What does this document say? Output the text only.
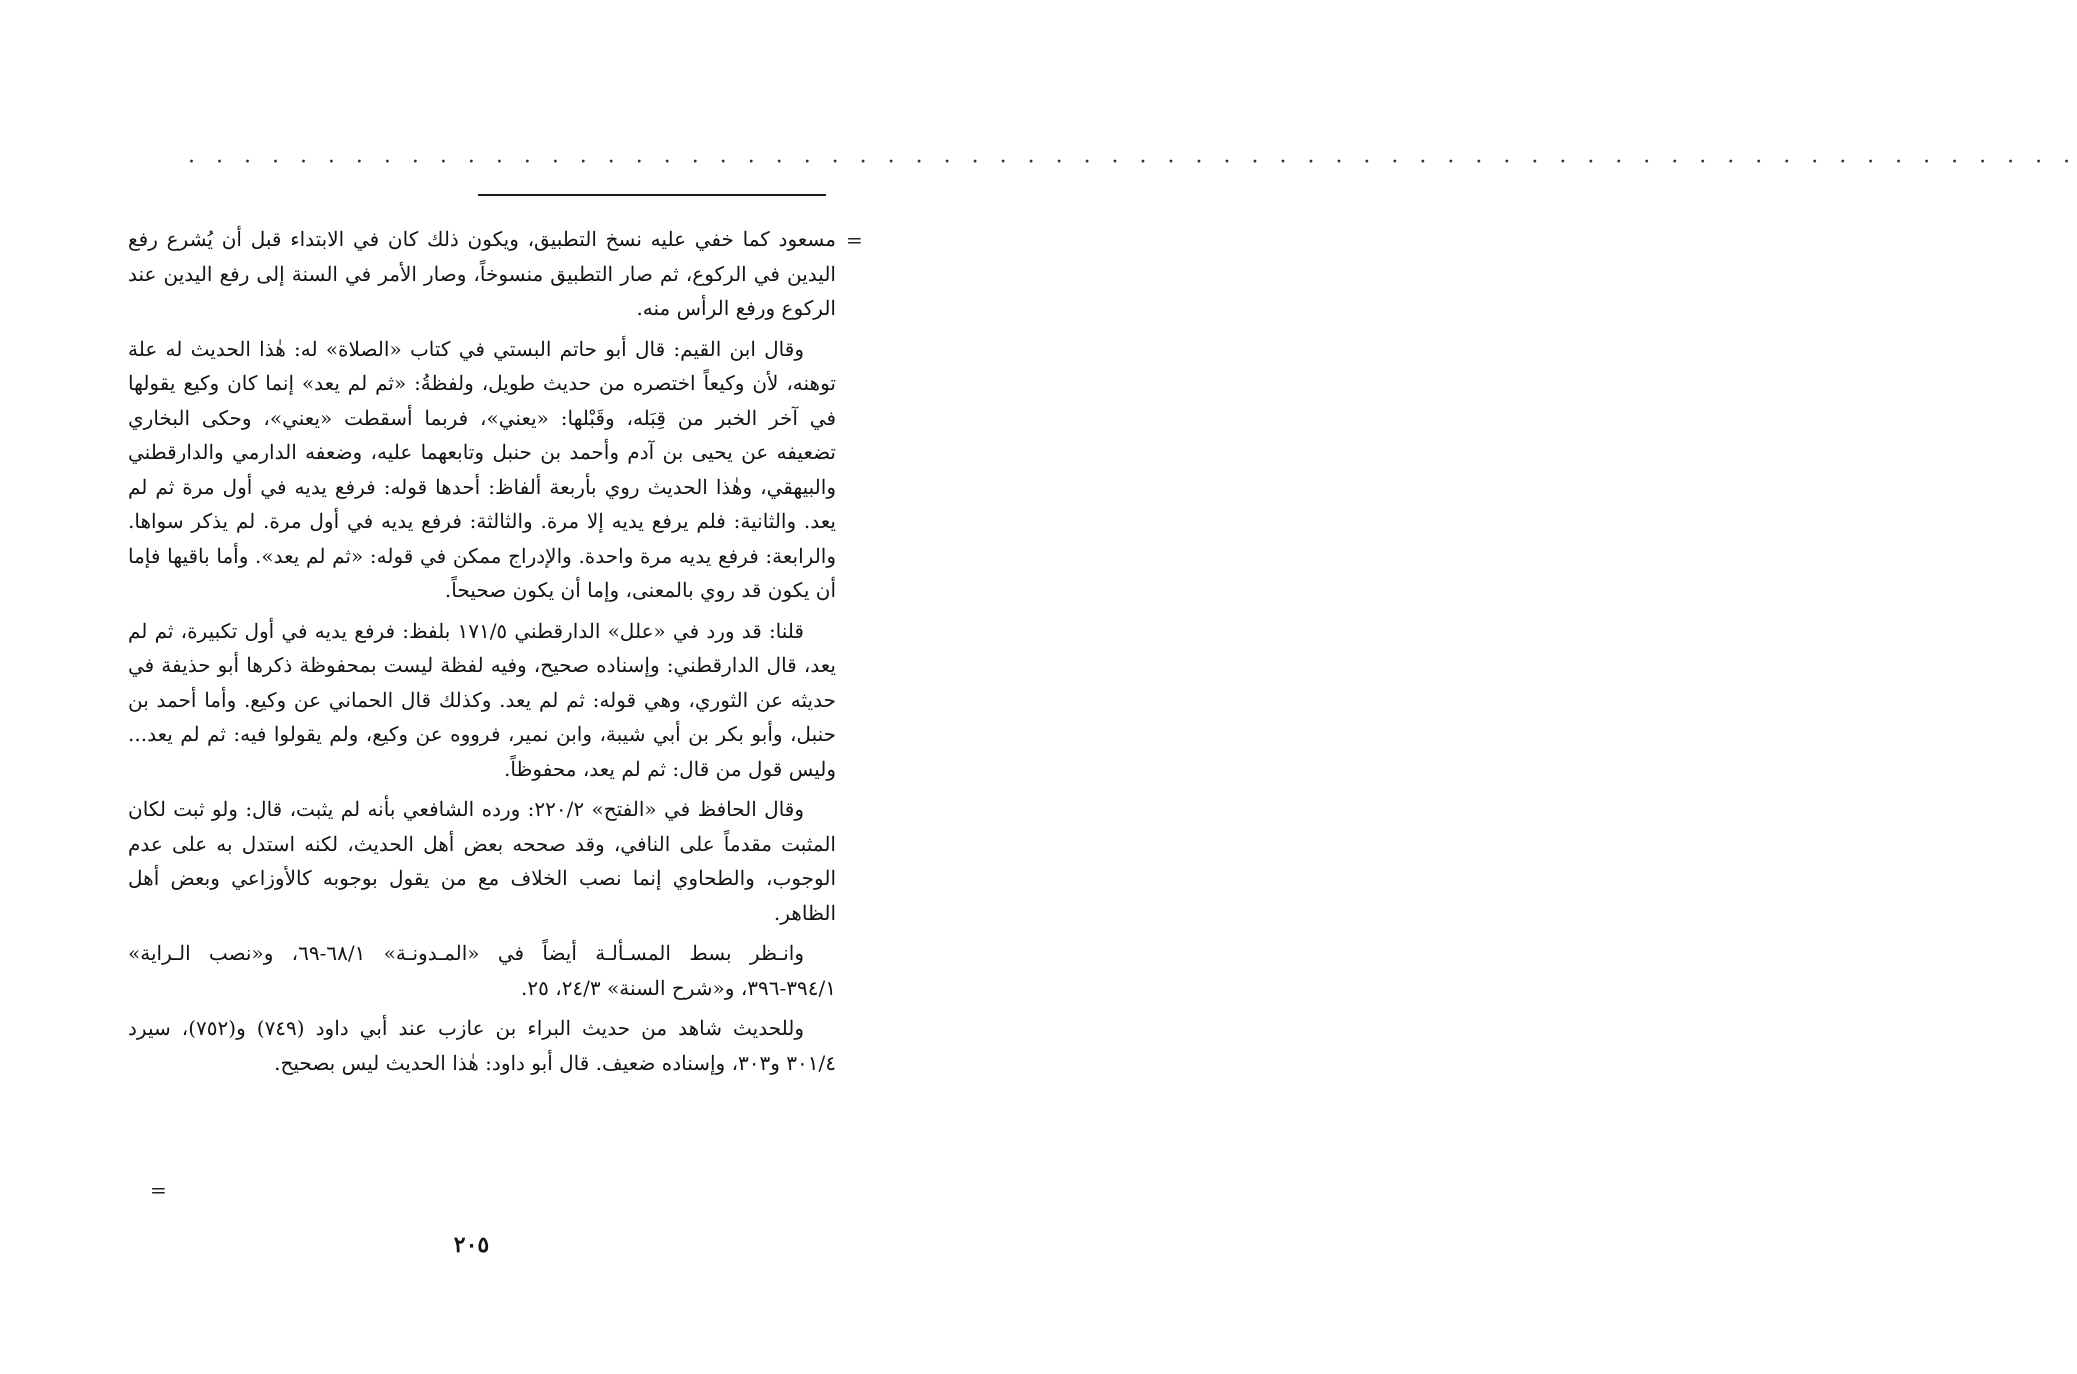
· · · · · · · · · · · · · · · · · · · · · · · · · · · · · · · · · · · · · · · · · · · · · · · · · · · · · · · · · · · · · · · · · · · ·
=

مسعود كما خفي عليه نسخ التطبيق، ويكون ذلك كان في الابتداء قبل أن يُشرع رفع اليدين في الركوع، ثم صار التطبيق منسوخاً، وصار الأمر في السنة إلى رفع اليدين عند الركوع ورفع الرأس منه.

وقال ابن القيم: قال أبو حاتم البستي في كتاب «الصلاة» له: هٰذا الحديث له علة توهنه، لأن وكيعاً اختصره من حديث طويل، ولفظةُ: «ثم لم يعد» إنما كان وكيع يقولها في آخر الخبر من قِبَله، وقَبْلها: «يعني»، فربما أسقطت «يعني»، وحكى البخاري تضعيفه عن يحيى بن آدم وأحمد بن حنبل وتابعهما عليه، وضعفه الدارمي والدارقطني والبيهقي، وهٰذا الحديث روي بأربعة ألفاظ: أحدها قوله: فرفع يديه في أول مرة ثم لم يعد. والثانية: فلم يرفع يديه إلا مرة. والثالثة: فرفع يديه في أول مرة. لم يذكر سواها. والرابعة: فرفع يديه مرة واحدة. والإدراج ممكن في قوله: «ثم لم يعد». وأما باقيها فإما أن يكون قد روي بالمعنى، وإما أن يكون صحيحاً.

قلنا: قد ورد في «علل» الدارقطني ١٧١/٥ بلفظ: فرفع يديه في أول تكبيرة، ثم لم يعد، قال الدارقطني: وإسناده صحيح، وفيه لفظة ليست بمحفوظة ذكرها أبو حذيفة في حديثه عن الثوري، وهي قوله: ثم لم يعد. وكذلك قال الحماني عن وكيع. وأما أحمد بن حنبل، وأبو بكر بن أبي شيبة، وابن نمير، فرووه عن وكيع، ولم يقولوا فيه: ثم لم يعد... وليس قول من قال: ثم لم يعد، محفوظاً.

وقال الحافظ في «الفتح» ٢٢٠/٢: ورده الشافعي بأنه لم يثبت، قال: ولو ثبت لكان المثبت مقدماً على النافي، وقد صححه بعض أهل الحديث، لكنه استدل به على عدم الوجوب، والطحاوي إنما نصب الخلاف مع من يقول بوجوبه كالأوزاعي وبعض أهل الظاهر.

وانـظر بسط المسـألـة أيضاً في «المـدونـة» ٦٨/١-٦٩، و«نصب الـراية» ٣٩٤/١-٣٩٦، و«شرح السنة» ٢٤/٣، ٢٥.

وللحديث شاهد من حديث البراء بن عازب عند أبي داود (٧٤٩) و(٧٥٢)، سيرد ٣٠١/٤ و٣٠٣، وإسناده ضعيف. قال أبو داود: هٰذا الحديث ليس بصحيح.

=
٢٠٥
